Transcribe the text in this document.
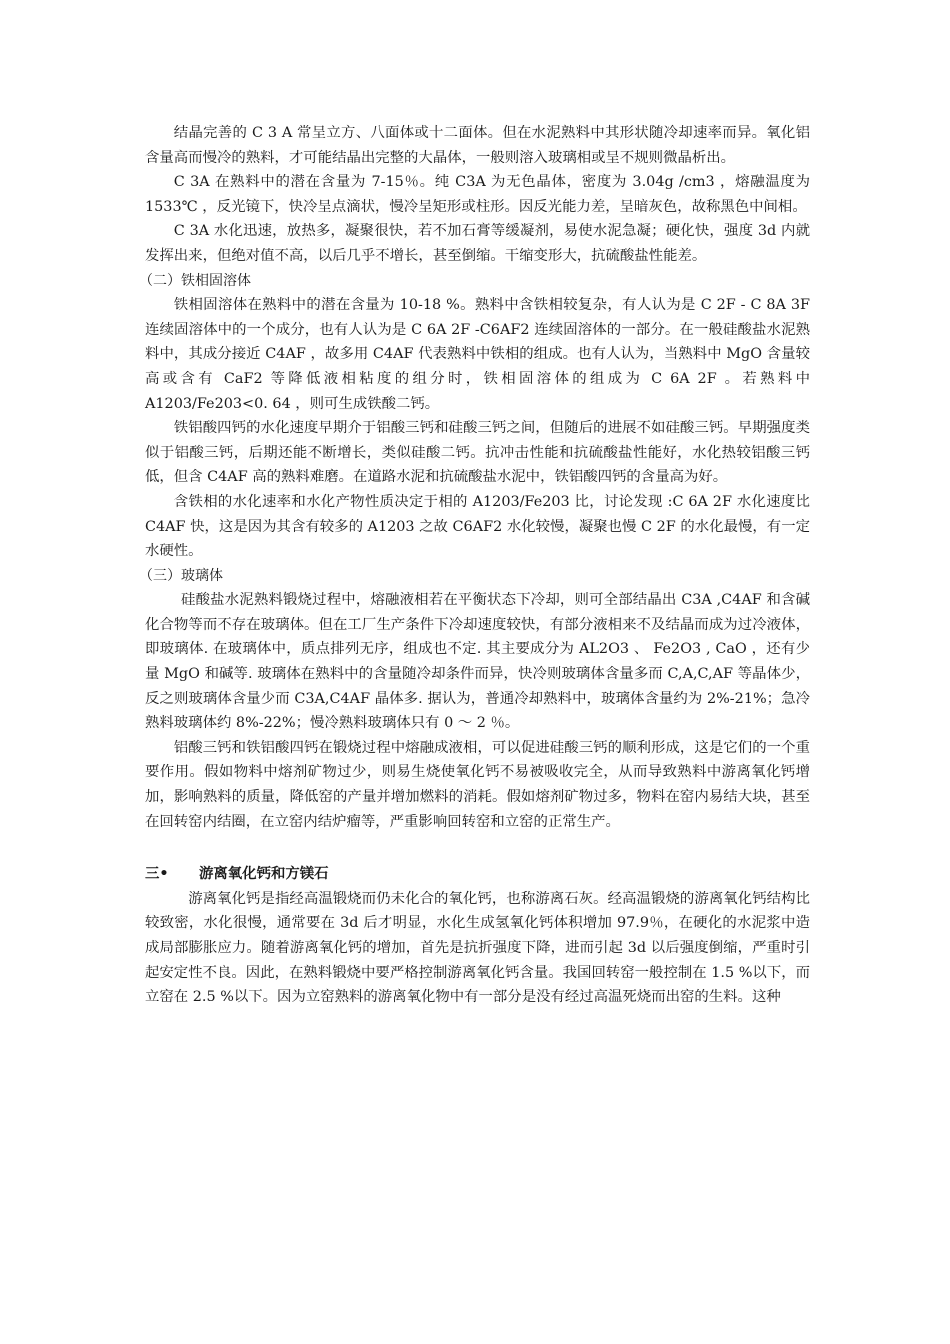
结晶完善的 C 3 A 常呈立方、八面体或十二面体。但在水泥熟料中其形状随冷却速率而异。氧化铝含量高而慢冷的熟料，才可能结晶出完整的大晶体，一般则溶入玻璃相或呈不规则微晶析出。

C 3A 在熟料中的潜在含量为 7-15％。纯 C3A 为无色晶体，密度为 3.04g /cm3 ，熔融温度为 1533℃ ，反光镜下，快冷呈点滴状，慢冷呈矩形或柱形。因反光能力差，呈暗灰色，故称黑色中间相。

C 3A 水化迅速，放热多，凝聚很快，若不加石膏等缓凝剂，易使水泥急凝；硬化快，强度 3d 内就发挥出来，但绝对值不高，以后几乎不增长，甚至倒缩。干缩变形大，抗硫酸盐性能差。

（二）铁相固溶体

铁相固溶体在熟料中的潜在含量为 10-18 %。熟料中含铁相较复杂，有人认为是 C 2F - C 8A 3F 连续固溶体中的一个成分，也有人认为是 C 6A 2F -C6AF2 连续固溶体的一部分。在一般硅酸盐水泥熟料中，其成分接近 C4AF ，故多用 C4AF 代表熟料中铁相的组成。也有人认为，当熟料中 MgO 含量较高或含有 CaF2 等降低液相粘度的组分时，铁相固溶体的组成为 C 6A 2F 。若熟料中 A1203/Fe203<0. 64 ，则可生成铁酸二钙。

铁铝酸四钙的水化速度早期介于铝酸三钙和硅酸三钙之间，但随后的进展不如硅酸三钙。早期强度类似于铝酸三钙，后期还能不断增长，类似硅酸二钙。抗冲击性能和抗硫酸盐性能好，水化热较铝酸三钙低，但含 C4AF 高的熟料难磨。在道路水泥和抗硫酸盐水泥中，铁铝酸四钙的含量高为好。

含铁相的水化速率和水化产物性质决定于相的 A1203/Fe203 比，讨论发现 :C 6A 2F 水化速度比 C4AF 快，这是因为其含有较多的 A1203 之故 C6AF2 水化较慢，凝聚也慢 C 2F 的水化最慢，有一定水硬性。

（三）玻璃体

硅酸盐水泥熟料锻烧过程中，熔融液相若在平衡状态下冷却，则可全部结晶出 C3A ,C4AF 和含碱化合物等而不存在玻璃体。但在工厂生产条件下冷却速度较快，有部分液相来不及结晶而成为过冷液体，即玻璃体. 在玻璃体中，质点排列无序，组成也不定. 其主要成分为 AL2O3 、 Fe2O3 , CaO ，还有少量 MgO 和碱等. 玻璃体在熟料中的含量随冷却条件而异，快冷则玻璃体含量多而 C,A,C,AF 等晶体少，反之则玻璃体含量少而 C3A,C4AF 晶体多. 据认为，普通冷却熟料中，玻璃体含量约为 2%-21%；急冷熟料玻璃体约 8%-22%；慢冷熟料玻璃体只有 0 ～ 2 ％。

铝酸三钙和铁铝酸四钙在锻烧过程中熔融成液相，可以促进硅酸三钙的顺利形成，这是它们的一个重要作用。假如物料中熔剂矿物过少，则易生烧使氧化钙不易被吸收完全，从而导致熟料中游离氧化钙增加，影响熟料的质量，降低窑的产量并增加燃料的消耗。假如熔剂矿物过多，物料在窑内易结大块，甚至在回转窑内结圈，在立窑内结炉瘤等，严重影响回转窑和立窑的正常生产。

三•	游离氧化钙和方镁石

游离氧化钙是指经高温锻烧而仍未化合的氧化钙，也称游离石灰。经高温锻烧的游离氧化钙结构比较致密，水化很慢，通常要在 3d 后才明显，水化生成氢氧化钙体积增加 97.9％，在硬化的水泥浆中造成局部膨胀应力。随着游离氧化钙的增加，首先是抗折强度下降，进而引起 3d 以后强度倒缩，严重时引起安定性不良。因此，在熟料锻烧中要严格控制游离氧化钙含量。我国回转窑一般控制在 1.5 %以下，而立窑在 2.5 %以下。因为立窑熟料的游离氧化物中有一部分是没有经过高温死烧而出窑的生料。这种
